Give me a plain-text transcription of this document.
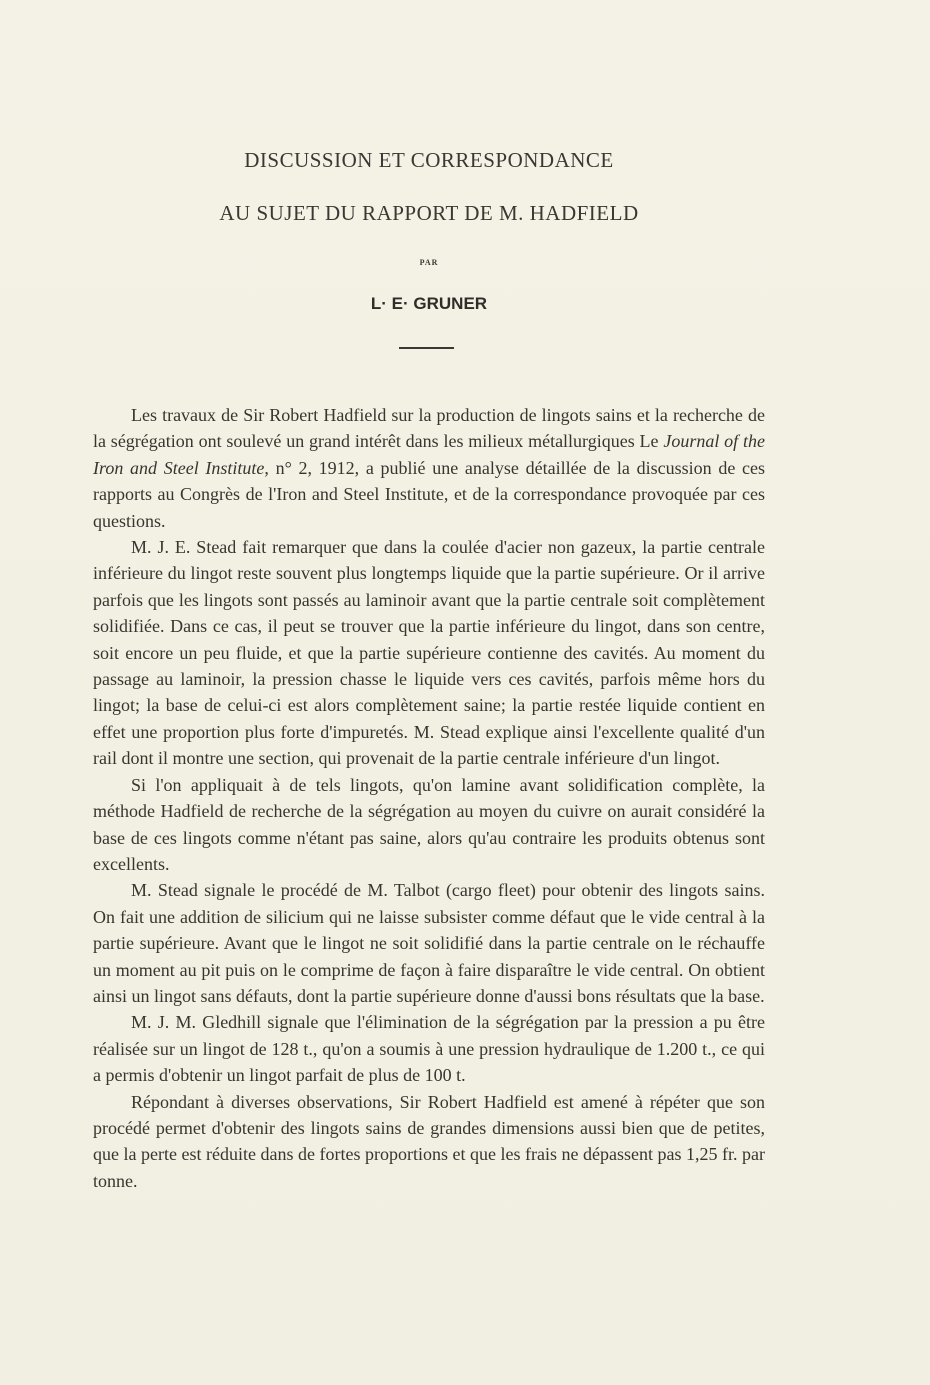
DISCUSSION ET CORRESPONDANCE
AU SUJET DU RAPPORT DE M. HADFIELD
PAR
L· E· GRUNER

Les travaux de Sir Robert Hadfield sur la production de lingots sains et la recherche de la ségrégation ont soulevé un grand intérêt dans les milieux métallurgiques Le Journal of the Iron and Steel Institute, n° 2, 1912, a publié une analyse détaillée de la discussion de ces rapports au Congrès de l'Iron and Steel Institute, et de la correspondance provoquée par ces questions.

M. J. E. Stead fait remarquer que dans la coulée d'acier non gazeux, la partie centrale inférieure du lingot reste souvent plus longtemps liquide que la partie supérieure. Or il arrive parfois que les lingots sont passés au laminoir avant que la partie centrale soit complètement solidifiée. Dans ce cas, il peut se trouver que la partie inférieure du lingot, dans son centre, soit encore un peu fluide, et que la partie supérieure contienne des cavités. Au moment du passage au laminoir, la pression chasse le liquide vers ces cavités, parfois même hors du lingot; la base de celui-ci est alors complètement saine; la partie restée liquide contient en effet une proportion plus forte d'impuretés. M. Stead explique ainsi l'excellente qualité d'un rail dont il montre une section, qui provenait de la partie centrale inférieure d'un lingot.

Si l'on appliquait à de tels lingots, qu'on lamine avant solidification complète, la méthode Hadfield de recherche de la ségrégation au moyen du cuivre on aurait considéré la base de ces lingots comme n'étant pas saine, alors qu'au contraire les produits obtenus sont excellents.

M. Stead signale le procédé de M. Talbot (cargo fleet) pour obtenir des lingots sains. On fait une addition de silicium qui ne laisse subsister comme défaut que le vide central à la partie supérieure. Avant que le lingot ne soit solidifié dans la partie centrale on le réchauffe un moment au pit puis on le comprime de façon à faire disparaître le vide central. On obtient ainsi un lingot sans défauts, dont la partie supérieure donne d'aussi bons résultats que la base.

M. J. M. Gledhill signale que l'élimination de la ségrégation par la pression a pu être réalisée sur un lingot de 128 t., qu'on a soumis à une pression hydraulique de 1.200 t., ce qui a permis d'obtenir un lingot parfait de plus de 100 t.

Répondant à diverses observations, Sir Robert Hadfield est amené à répéter que son procédé permet d'obtenir des lingots sains de grandes dimensions aussi bien que de petites, que la perte est réduite dans de fortes proportions et que les frais ne dépassent pas 1,25 fr. par tonne.
